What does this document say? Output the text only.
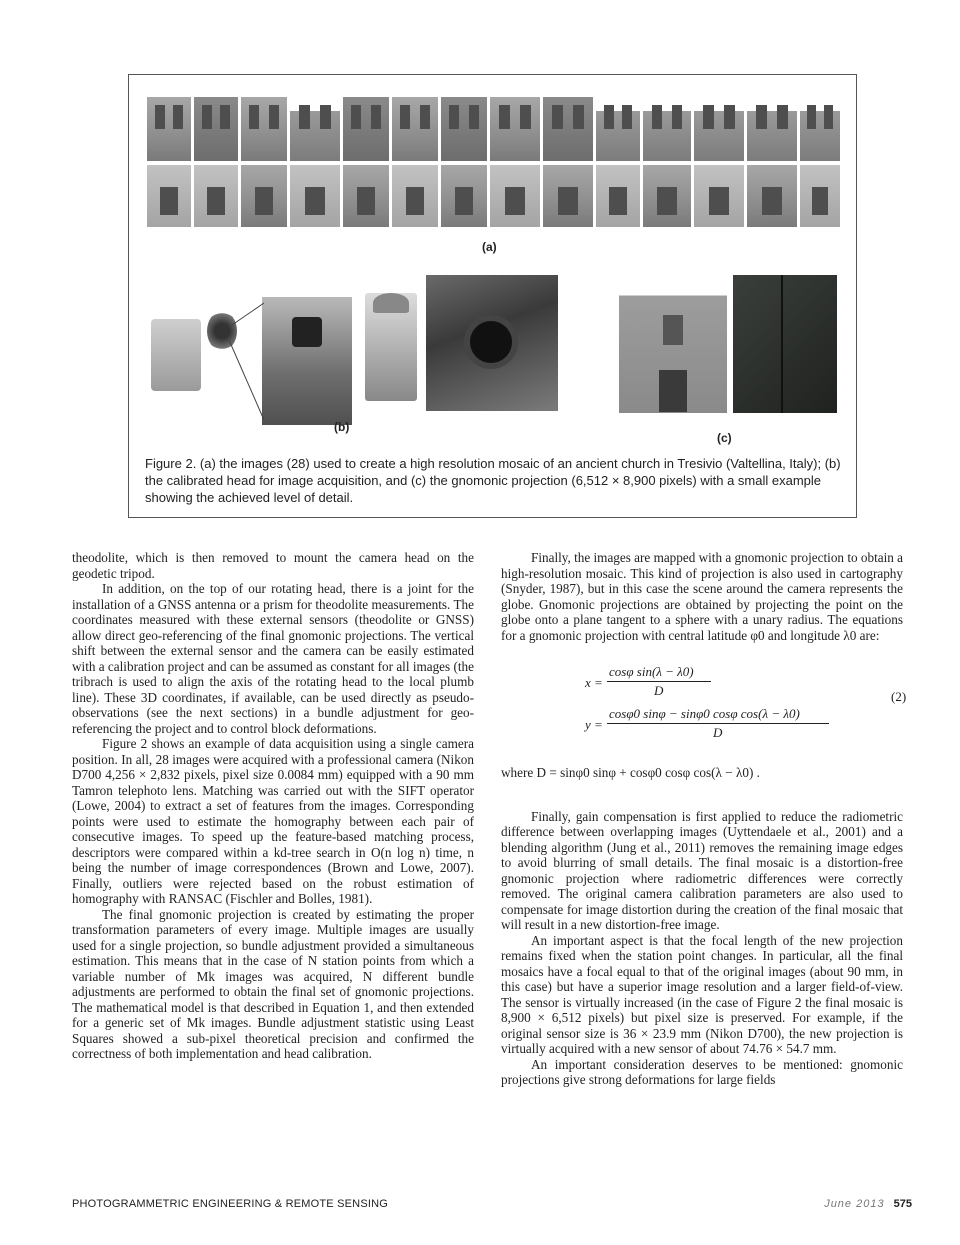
(a)
(b)
(c)

Figure 2. (a) the images (28) used to create a high resolution mosaic of an ancient church in Tresivio (Valtellina, Italy); (b) the calibrated head for image acquisition, and (c) the gnomonic projection (6,512 × 8,900 pixels) with a small example showing the achieved level of detail.

theodolite, which is then removed to mount the camera head on the geodetic tripod.

In addition, on the top of our rotating head, there is a joint for the installation of a GNSS antenna or a prism for theodolite measurements. The coordinates measured with these external sensors (theodolite or GNSS) allow direct geo-referencing of the final gnomonic projections. The vertical shift between the external sensor and the camera can be easily estimated with a calibration project and can be assumed as constant for all images (the tribrach is used to align the axis of the rotating head to the local plumb line). These 3D coordinates, if available, can be used directly as pseudo-observations (see the next sections) in a bundle adjustment for geo-referencing the project and to control block deformations.

Figure 2 shows an example of data acquisition using a single camera position. In all, 28 images were acquired with a professional camera (Nikon D700 4,256 × 2,832 pixels, pixel size 0.0084 mm) equipped with a 90 mm Tamron telephoto lens. Matching was carried out with the SIFT operator (Lowe, 2004) to extract a set of features from the images. Corresponding points were used to estimate the homography between each pair of consecutive images. To speed up the feature-based matching process, descriptors were compared within a kd-tree search in O(n log n) time, n being the number of image correspondences (Brown and Lowe, 2007). Finally, outliers were rejected based on the robust estimation of homography with RANSAC (Fischler and Bolles, 1981).

The final gnomonic projection is created by estimating the proper transformation parameters of every image. Multiple images are usually used for a single projection, so bundle adjustment provided a simultaneous estimation. This means that in the case of N station points from which a variable number of Mk images was acquired, N different bundle adjustments are performed to obtain the final set of gnomonic projections. The mathematical model is that described in Equation 1, and then extended for a generic set of Mk images. Bundle adjustment statistic using Least Squares showed a sub-pixel theoretical precision and confirmed the correctness of both implementation and head calibration.

Finally, the images are mapped with a gnomonic projection to obtain a high-resolution mosaic. This kind of projection is also used in cartography (Snyder, 1987), but in this case the scene around the camera represents the globe. Gnomonic projections are obtained by projecting the point on the globe onto a plane tangent to a sphere with a unary radius. The equations for a gnomonic projection with central latitude φ0 and longitude λ0 are:

x =
cosφ sin(λ − λ0)
D
y =
cosφ0 sinφ − sinφ0 cosφ cos(λ − λ0)
D
(2)

where D = sinφ0 sinφ + cosφ0 cosφ cos(λ − λ0) .

Finally, gain compensation is first applied to reduce the radiometric difference between overlapping images (Uyttendaele et al., 2001) and a blending algorithm (Jung et al., 2011) removes the remaining image edges to avoid blurring of small details. The final mosaic is a distortion-free gnomonic projection where radiometric differences were correctly removed. The original camera calibration parameters are also used to compensate for image distortion during the creation of the final mosaic that will result in a new distortion-free image.

An important aspect is that the focal length of the new projection remains fixed when the station point changes. In particular, all the final mosaics have a focal equal to that of the original images (about 90 mm, in this case) but have a superior image resolution and a larger field-of-view. The sensor is virtually increased (in the case of Figure 2 the final mosaic is 8,900 × 6,512 pixels) but pixel size is preserved. For example, if the original sensor size is 36 × 23.9 mm (Nikon D700), the new projection is virtually acquired with a new sensor of about 74.76 × 54.7 mm.

An important consideration deserves to be mentioned: gnomonic projections give strong deformations for large fields

PHOTOGRAMMETRIC ENGINEERING & REMOTE SENSING	June 2013 575
